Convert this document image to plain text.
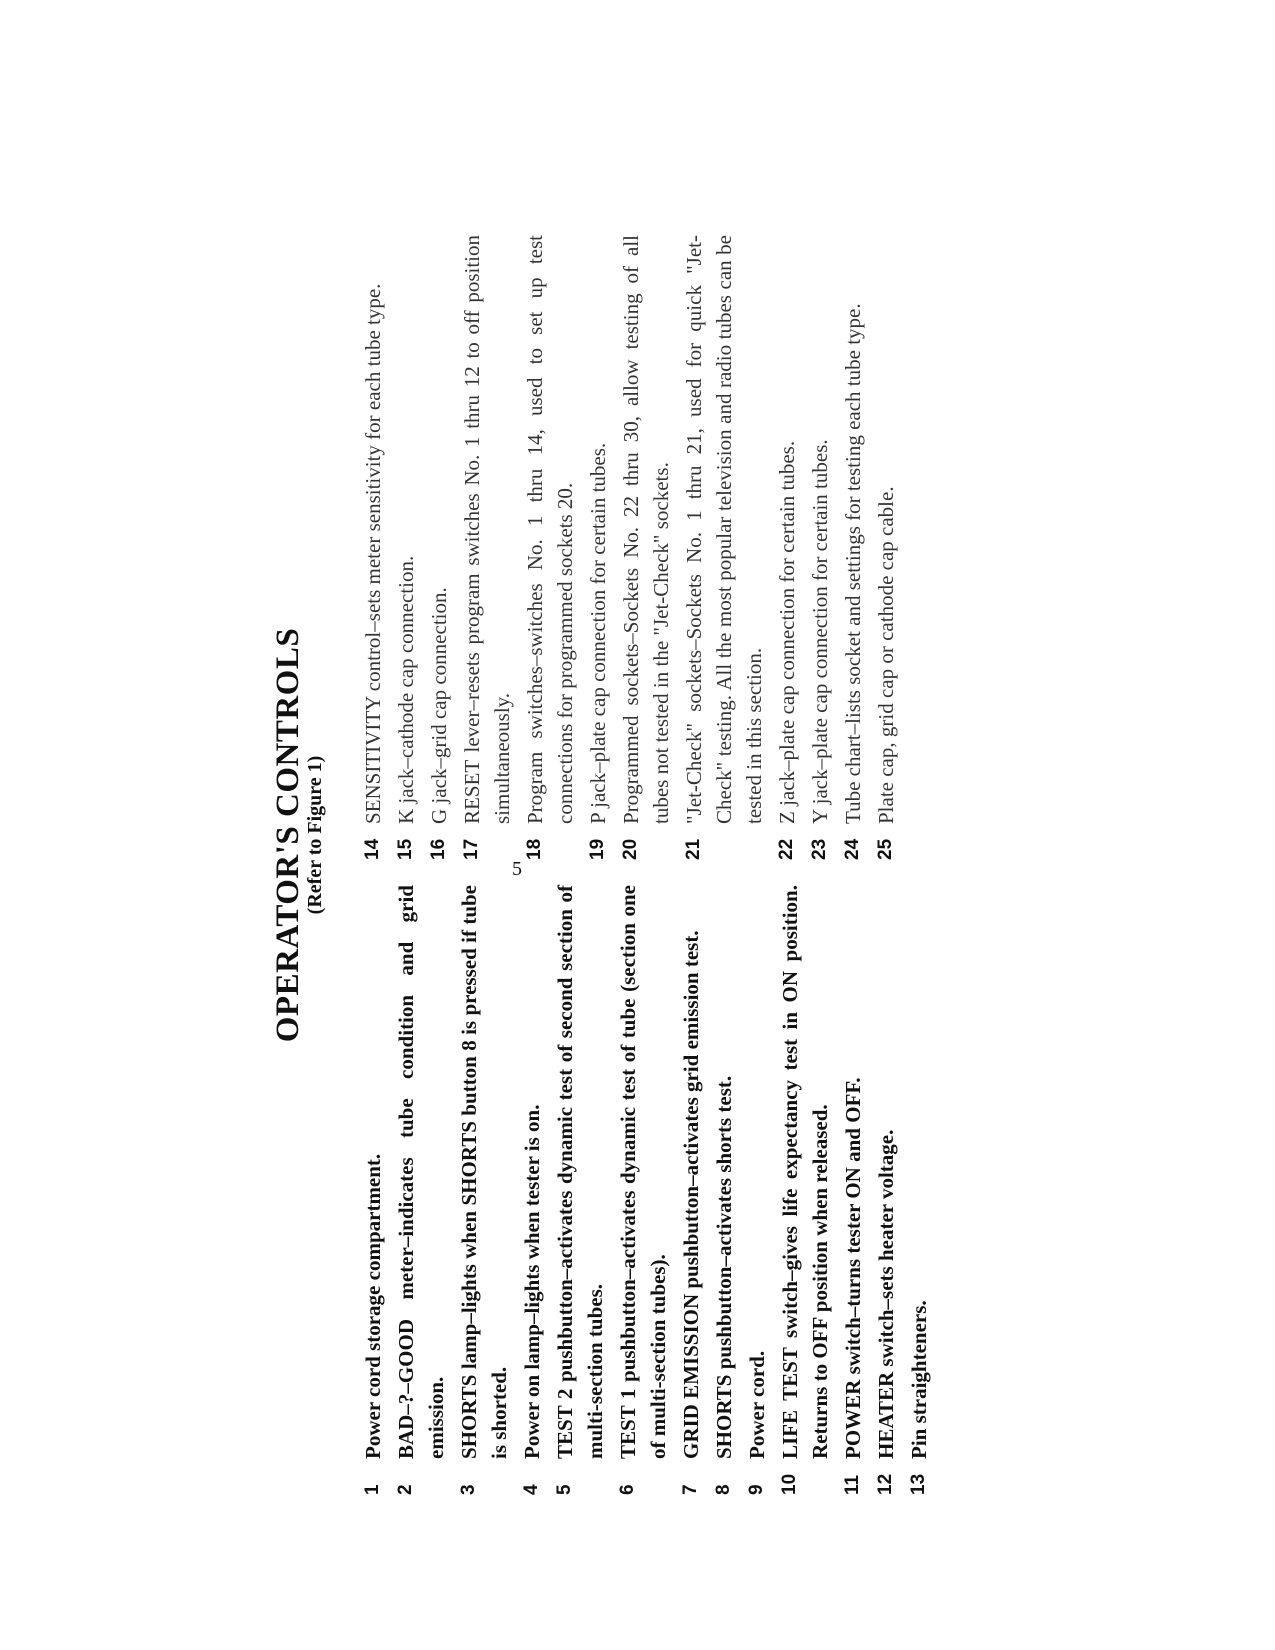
OPERATOR'S CONTROLS
(Refer to Figure 1)
1
Power cord storage compartment.
2
BAD–?–GOOD meter–indicates tube condition and grid emission.
3
SHORTS lamp–lights when SHORTS button 8 is pressed if tube is shorted.
4
Power on lamp–lights when tester is on.
5
TEST 2 pushbutton–activates dynamic test of second section of multi-section tubes.
6
TEST 1 pushbutton–activates dynamic test of tube (section one of multi-section tubes).
7
GRID EMISSION pushbutton–activates grid emission test.
8
SHORTS pushbutton–activates shorts test.
9
Power cord.
10
LIFE TEST switch–gives life expectancy test in ON position. Returns to OFF position when released.
11
POWER switch–turns tester ON and OFF.
12
HEATER switch–sets heater voltage.
13
Pin straighteners.
14
SENSITIVITY control–sets meter sensitivity for each tube type.
15
K jack–cathode cap connection.
16
G jack–grid cap connection.
17
RESET lever–resets program switches No. 1 thru 12 to off position simultaneously.
18
Program switches–switches No. 1 thru 14, used to set up test connections for programmed sockets 20.
19
P jack–plate cap connection for certain tubes.
20
Programmed sockets–Sockets No. 22 thru 30, allow testing of all tubes not tested in the "Jet-Check" sockets.
21
"Jet-Check" sockets–Sockets No. 1 thru 21, used for quick "Jet-Check" testing. All the most popular television and radio tubes can be tested in this section.
22
Z jack–plate cap connection for certain tubes.
23
Y jack–plate cap connection for certain tubes.
24
Tube chart–lists socket and settings for testing each tube type.
25
Plate cap, grid cap or cathode cap cable.
5
